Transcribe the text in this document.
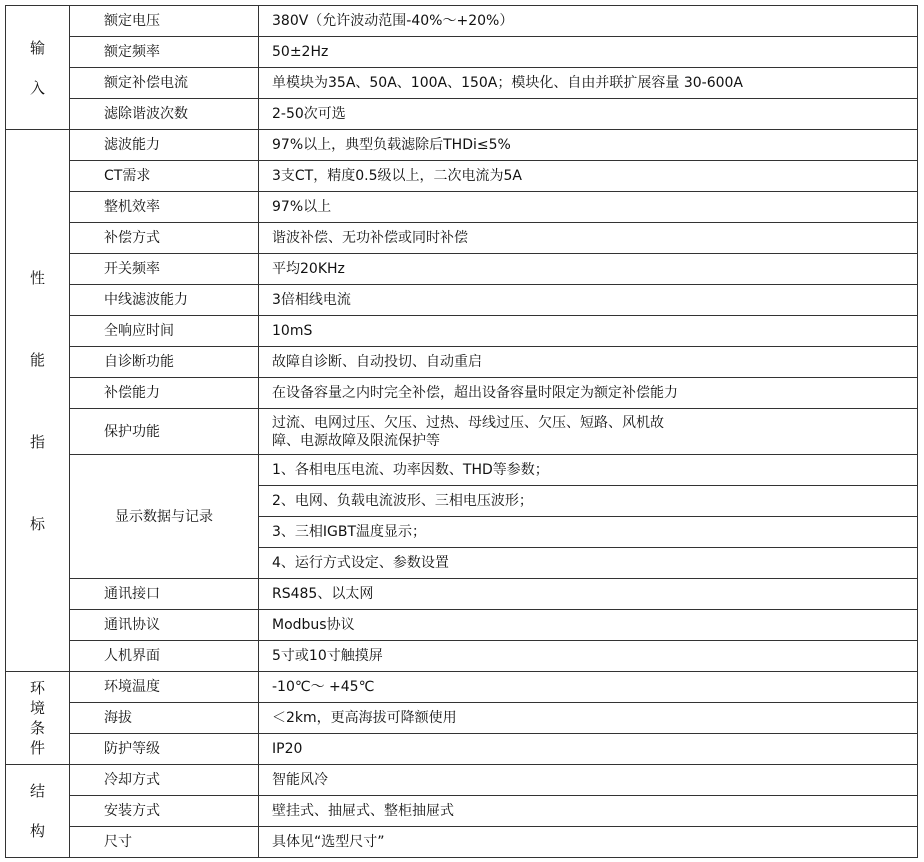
输
入	额定电压	380V（允许波动范围-40%～+20%）

	额定频率	50±2Hz

	额定补偿电流	单模块为35A、50A、100A、150A；模块化、自由并联扩展容量 30-600A

	滤除谐波次数	2-50次可选

性
能
指
标	滤波能力	97%以上，典型负载滤除后THDi≤5%

	CT需求	3支CT，精度0.5级以上，二次电流为5A

	整机效率	97%以上

	补偿方式	谐波补偿、无功补偿或同时补偿

	开关频率	平均20KHz

	中线滤波能力	3倍相线电流

	全响应时间	10mS

	自诊断功能	故障自诊断、自动投切、自动重启

	补偿能力	在设备容量之内时完全补偿，超出设备容量时限定为额定补偿能力

	保护功能	过流、电网过压、欠压、过热、母线过压、欠压、短路、风机故
障、电源故障及限流保护等

	显示数据与记录	1、各相电压电流、功率因数、THD等参数；
		2、电网、负载电流波形、三相电压波形；
		3、三相IGBT温度显示；
		4、运行方式设定、参数设置
	通讯接口	RS485、以太网

	通讯协议	Modbus协议

	人机界面	5寸或10寸触摸屏

环
境
条
件	环境温度	-10℃～ +45℃

	海拔	＜2km，更高海拔可降额使用

	防护等级	IP20

结
构	冷却方式	智能风冷

	安装方式	壁挂式、抽屉式、整柜抽屉式

	尺寸	具体见“选型尺寸”
